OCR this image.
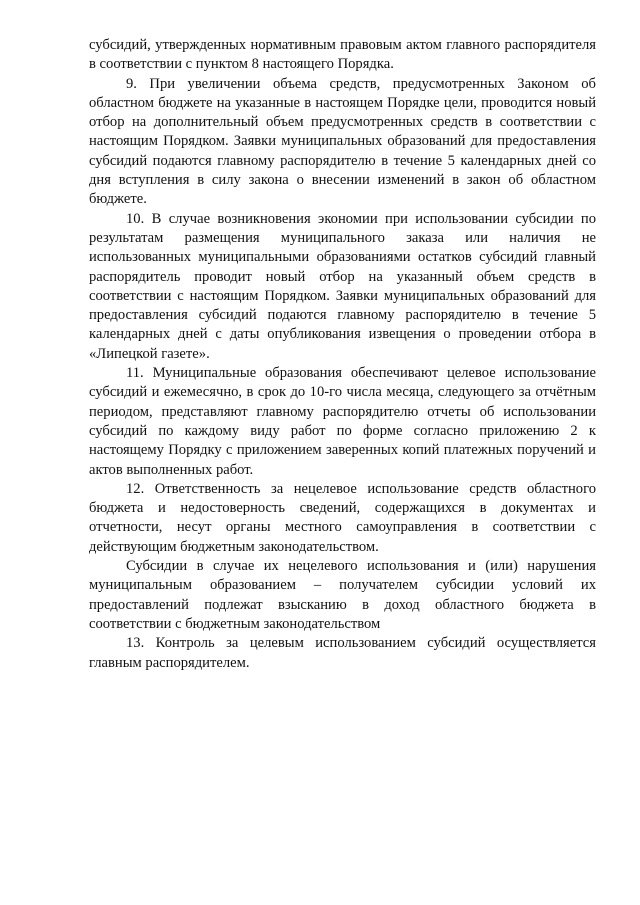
субсидий, утвержденных нормативным правовым актом главного распорядителя в соответствии с пунктом 8 настоящего Порядка.

9. При увеличении объема средств, предусмотренных Законом об областном бюджете на указанные в настоящем Порядке цели, проводится новый отбор на дополнительный объем предусмотренных средств в соответствии с настоящим Порядком. Заявки муниципальных образований для предоставления субсидий подаются главному распорядителю в течение 5 календарных дней со дня вступления в силу закона о внесении изменений в закон об областном бюджете.

10. В случае возникновения экономии при использовании субсидии по результатам размещения муниципального заказа или наличия не использованных муниципальными образованиями остатков субсидий главный распорядитель проводит новый отбор на указанный объем средств в соответствии с настоящим Порядком. Заявки муниципальных образований для предоставления субсидий подаются главному распорядителю в течение 5 календарных дней с даты опубликования извещения о проведении отбора в «Липецкой газете».

11. Муниципальные образования обеспечивают целевое использование субсидий и ежемесячно, в срок до 10-го числа месяца, следующего за отчётным периодом, представляют главному распорядителю отчеты об использовании субсидий по каждому виду работ по форме согласно приложению 2 к настоящему Порядку с приложением заверенных копий платежных поручений и актов выполненных работ.

12. Ответственность за нецелевое использование средств областного бюджета и недостоверность сведений, содержащихся в документах и отчетности, несут органы местного самоуправления в соответствии с действующим бюджетным законодательством.

Субсидии в случае их нецелевого использования и (или) нарушения муниципальным образованием – получателем субсидии условий их предоставлений подлежат взысканию в доход областного бюджета в соответствии с бюджетным законодательством

13. Контроль за целевым использованием субсидий осуществляется главным распорядителем.
